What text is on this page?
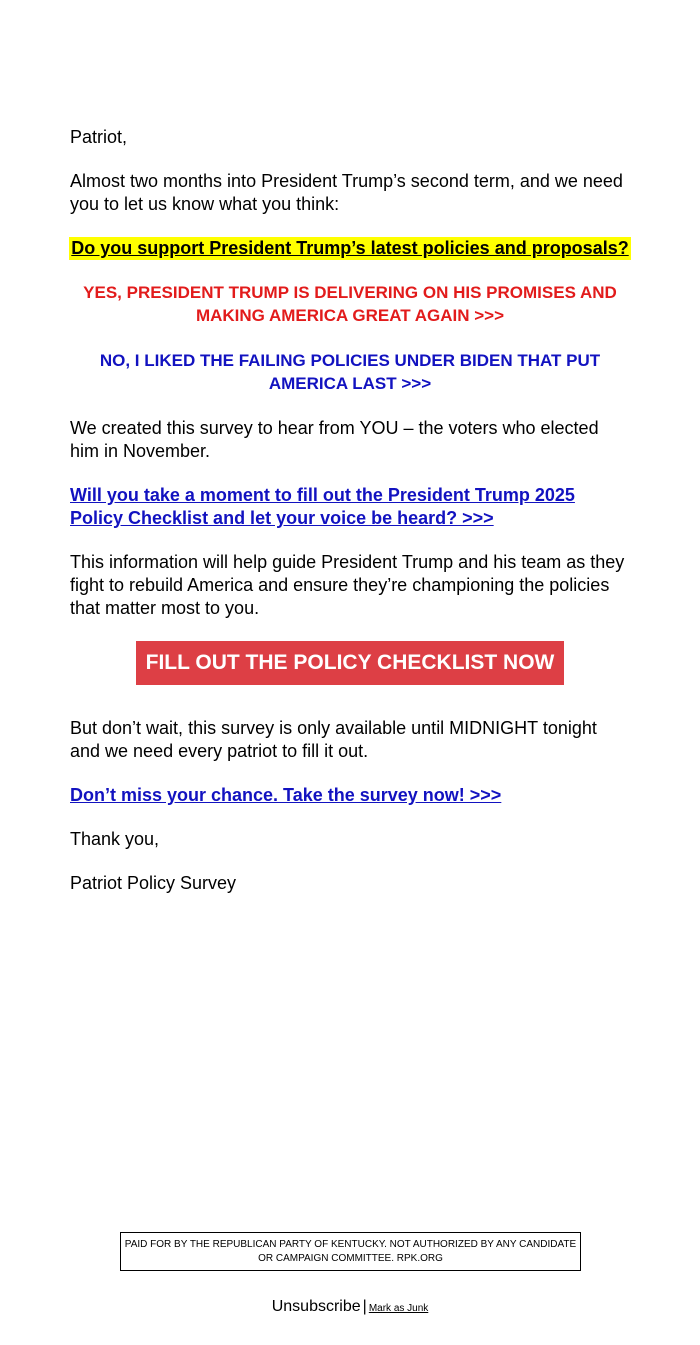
Patriot,

Almost two months into President Trump’s second term, and we need you to let us know what you think:

Do you support President Trump’s latest policies and proposals?
YES, PRESIDENT TRUMP IS DELIVERING ON HIS PROMISES AND MAKING AMERICA GREAT AGAIN >>>
NO, I LIKED THE FAILING POLICIES UNDER BIDEN THAT PUT AMERICA LAST >>>

We created this survey to hear from YOU – the voters who elected him in November.

Will you take a moment to fill out the President Trump 2025 Policy Checklist and let your voice be heard? >>>

This information will help guide President Trump and his team as they fight to rebuild America and ensure they’re championing the policies that matter most to you.

FILL OUT THE POLICY CHECKLIST NOW

But don’t wait, this survey is only available until MIDNIGHT tonight and we need every patriot to fill it out.

Don’t miss your chance. Take the survey now! >>>

Thank you,

Patriot Policy Survey

PAID FOR BY THE REPUBLICAN PARTY OF KENTUCKY. NOT AUTHORIZED BY ANY CANDIDATE OR CAMPAIGN COMMITTEE. RPK.ORG
Unsubscribe | Mark as Junk
